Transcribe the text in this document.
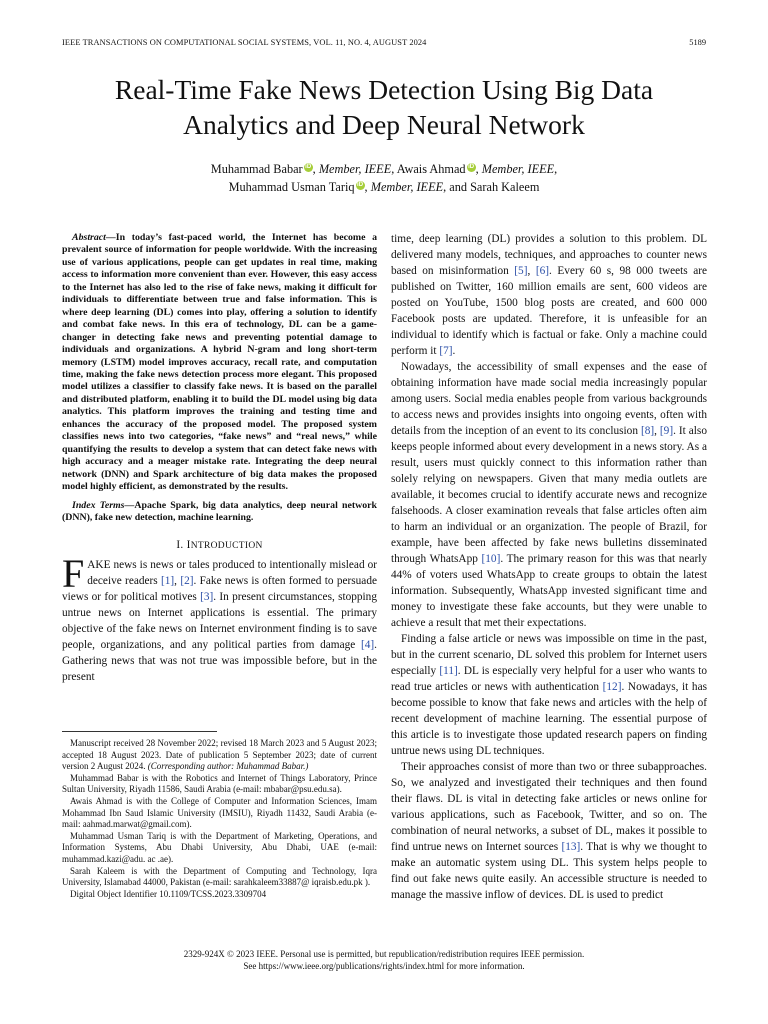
IEEE TRANSACTIONS ON COMPUTATIONAL SOCIAL SYSTEMS, VOL. 11, NO. 4, AUGUST 2024	5189
Real-Time Fake News Detection Using Big Data
Analytics and Deep Neural Network
Muhammad Babar iD , Member, IEEE, Awais Ahmad iD , Member, IEEE,
Muhammad Usman Tariq iD , Member, IEEE, and Sarah Kaleem

Abstract—In today’s fast-paced world, the Internet has become a prevalent source of information for people worldwide. With the increasing use of various applications, people can get updates in real time, making access to information more convenient than ever. However, this easy access to the Internet has also led to the rise of fake news, making it difficult for individuals to differentiate between true and false information. This is where deep learning (DL) comes into play, offering a solution to identify and combat fake news. In this era of technology, DL can be a game-changer in detecting fake news and preventing potential damage to individuals and organizations. A hybrid N-gram and long short-term memory (LSTM) model improves accuracy, recall rate, and computation time, making the fake news detection process more elegant. This proposed model utilizes a classifier to classify fake news. It is based on the parallel and distributed platform, enabling it to build the DL model using big data analytics. This platform improves the training and testing time and enhances the accuracy of the proposed model. The proposed system classifies news into two categories, “fake news” and “real news,” while quantifying the results to develop a system that can detect fake news with high accuracy and a meager mistake rate. Integrating the deep neural network (DNN) and Spark architecture of big data makes the proposed model highly efficient, as demonstrated by the results.

Index Terms—Apache Spark, big data analytics, deep neural network (DNN), fake new detection, machine learning.

I. INTRODUCTION

FAKE news is news or tales produced to intentionally mislead or deceive readers [1], [2]. Fake news is often formed to persuade views or for political motives [3]. In present circumstances, stopping untrue news on Internet applications is essential. The primary objective of the fake news on Internet environment finding is to save people, organizations, and any political parties from damage [4]. Gathering news that was not true was impossible before, but in the present

Manuscript received 28 November 2022; revised 18 March 2023 and 5 August 2023; accepted 18 August 2023. Date of publication 5 September 2023; date of current version 2 August 2024. (Corresponding author: Muhammad Babar.)

Muhammad Babar is with the Robotics and Internet of Things Laboratory, Prince Sultan University, Riyadh 11586, Saudi Arabia (e-mail: mbabar@psu.edu.sa).

Awais Ahmad is with the College of Computer and Information Sciences, Imam Mohammad Ibn Saud Islamic University (IMSIU), Riyadh 11432, Saudi Arabia (e-mail: aahmad.marwat@gmail.com).

Muhammad Usman Tariq is with the Department of Marketing, Operations, and Information Systems, Abu Dhabi University, Abu Dhabi, UAE (e-mail: muhammad.kazi@adu. ac .ae).

Sarah Kaleem is with the Department of Computing and Technology, Iqra University, Islamabad 44000, Pakistan (e-mail: sarahkaleem33887@ iqraisb.edu.pk ).

Digital Object Identifier 10.1109/TCSS.2023.3309704

time, deep learning (DL) provides a solution to this problem. DL delivered many models, techniques, and approaches to counter news based on misinformation [5], [6]. Every 60 s, 98 000 tweets are published on Twitter, 160 million emails are sent, 600 videos are posted on YouTube, 1500 blog posts are created, and 600 000 Facebook posts are updated. Therefore, it is unfeasible for an individual to identify which is factual or fake. Only a machine could perform it [7].

Nowadays, the accessibility of small expenses and the ease of obtaining information have made social media increasingly popular among users. Social media enables people from various backgrounds to access news and provides insights into ongoing events, often with details from the inception of an event to its conclusion [8], [9]. It also keeps people informed about every development in a news story. As a result, users must quickly connect to this information rather than solely relying on newspapers. Given that many media outlets are available, it becomes crucial to identify accurate news and recognize falsehoods. A closer examination reveals that false articles often aim to harm an individual or an organization. The people of Brazil, for example, have been affected by fake news bulletins disseminated through WhatsApp [10]. The primary reason for this was that nearly 44% of voters used WhatsApp to create groups to obtain the latest information. Subsequently, WhatsApp invested significant time and money to investigate these fake accounts, but they were unable to achieve a result that met their expectations.

Finding a false article or news was impossible on time in the past, but in the current scenario, DL solved this problem for Internet users especially [11]. DL is especially very helpful for a user who wants to read true articles or news with authentication [12]. Nowadays, it has become possible to know that fake news and articles with the help of recent development of machine learning. The essential purpose of this article is to investigate those updated research papers on finding untrue news using DL techniques.

Their approaches consist of more than two or three subapproaches. So, we analyzed and investigated their techniques and then found their flaws. DL is vital in detecting fake articles or news online for various applications, such as Facebook, Twitter, and so on. The combination of neural networks, a subset of DL, makes it possible to find untrue news on Internet sources [13]. That is why we thought to make an automatic system using DL. This system helps people to find out fake news quite easily. An accessible structure is needed to manage the massive inflow of devices. DL is used to predict

2329-924X © 2023 IEEE. Personal use is permitted, but republication/redistribution requires IEEE permission.
See https://www.ieee.org/publications/rights/index.html for more information.
